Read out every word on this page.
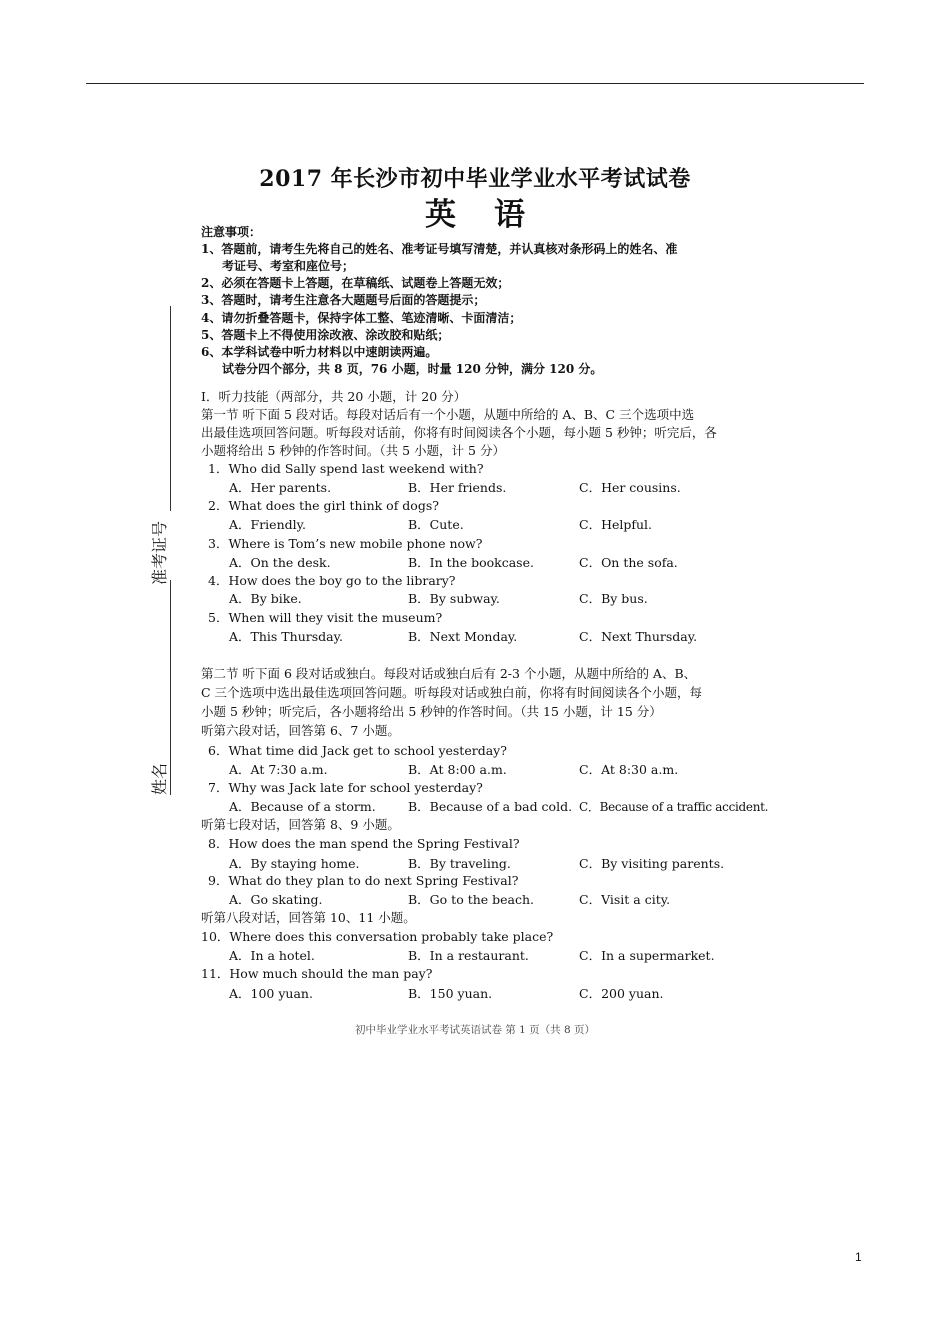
2017 年长沙市初中毕业学业水平考试试卷
英语
注意事项：
1、答题前，请考生先将自己的姓名、准考证号填写清楚，并认真核对条形码上的姓名、准
考证号、考室和座位号；
2、必须在答题卡上答题，在草稿纸、试题卷上答题无效；
3、答题时，请考生注意各大题题号后面的答题提示；
4、请勿折叠答题卡，保持字体工整、笔迹清晰、卡面清洁；
5、答题卡上不得使用涂改液、涂改胶和贴纸；
6、本学科试卷中听力材料以中速朗读两遍。
试卷分四个部分，共 8 页，76 小题，时量 120 分钟，满分 120 分。
I．听力技能（两部分，共 20 小题，计 20 分）
第一节 听下面 5 段对话。每段对话后有一个小题，从题中所给的 A、B、C 三个选项中选
出最佳选项回答问题。听每段对话前，你将有时间阅读各个小题，每小题 5 秒钟；听完后，各
小题将给出 5 秒钟的作答时间。（共 5 小题，计 5 分）
1．Who did Sally spend last weekend with?
A．Her parents.	B．Her friends.	C．Her cousins.
2．What does the girl think of dogs?
A．Friendly.	B．Cute.	C．Helpful.
3．Where is Tom’s new mobile phone now?
A．On the desk.	B．In the bookcase.	C．On the sofa.
4．How does the boy go to the library?
A．By bike.	B．By subway.	C．By bus.
5．When will they visit the museum?
A．This Thursday.	B．Next Monday.	C．Next Thursday.
第二节 听下面 6 段对话或独白。每段对话或独白后有 2-3 个小题，从题中所给的 A、B、
C 三个选项中选出最佳选项回答问题。听每段对话或独白前，你将有时间阅读各个小题，每
小题 5 秒钟；听完后，各小题将给出 5 秒钟的作答时间。（共 15 小题，计 15 分）
听第六段对话，回答第 6、7 小题。
6．What time did Jack get to school yesterday?
A．At 7:30 a.m.	B．At 8:00 a.m.	C．At 8:30 a.m.
7．Why was Jack late for school yesterday?
A．Because of a storm.	B．Because of a bad cold. C．Because of a traffic accident.
听第七段对话，回答第 8、9 小题。
8．How does the man spend the Spring Festival?
A．By staying home.	B．By traveling.	C．By visiting parents.
9．What do they plan to do next Spring Festival?
A．Go skating.	B．Go to the beach.	C．Visit a city.
听第八段对话，回答第 10、11 小题。
10．Where does this conversation probably take place?
A．In a hotel.	B．In a restaurant.	C．In a supermarket.
11．How much should the man pay?
A．100 yuan.	B．150 yuan.	C．200 yuan.
准考证号
姓名
初中毕业学业水平考试英语试卷 第 1 页（共 8 页）
1
